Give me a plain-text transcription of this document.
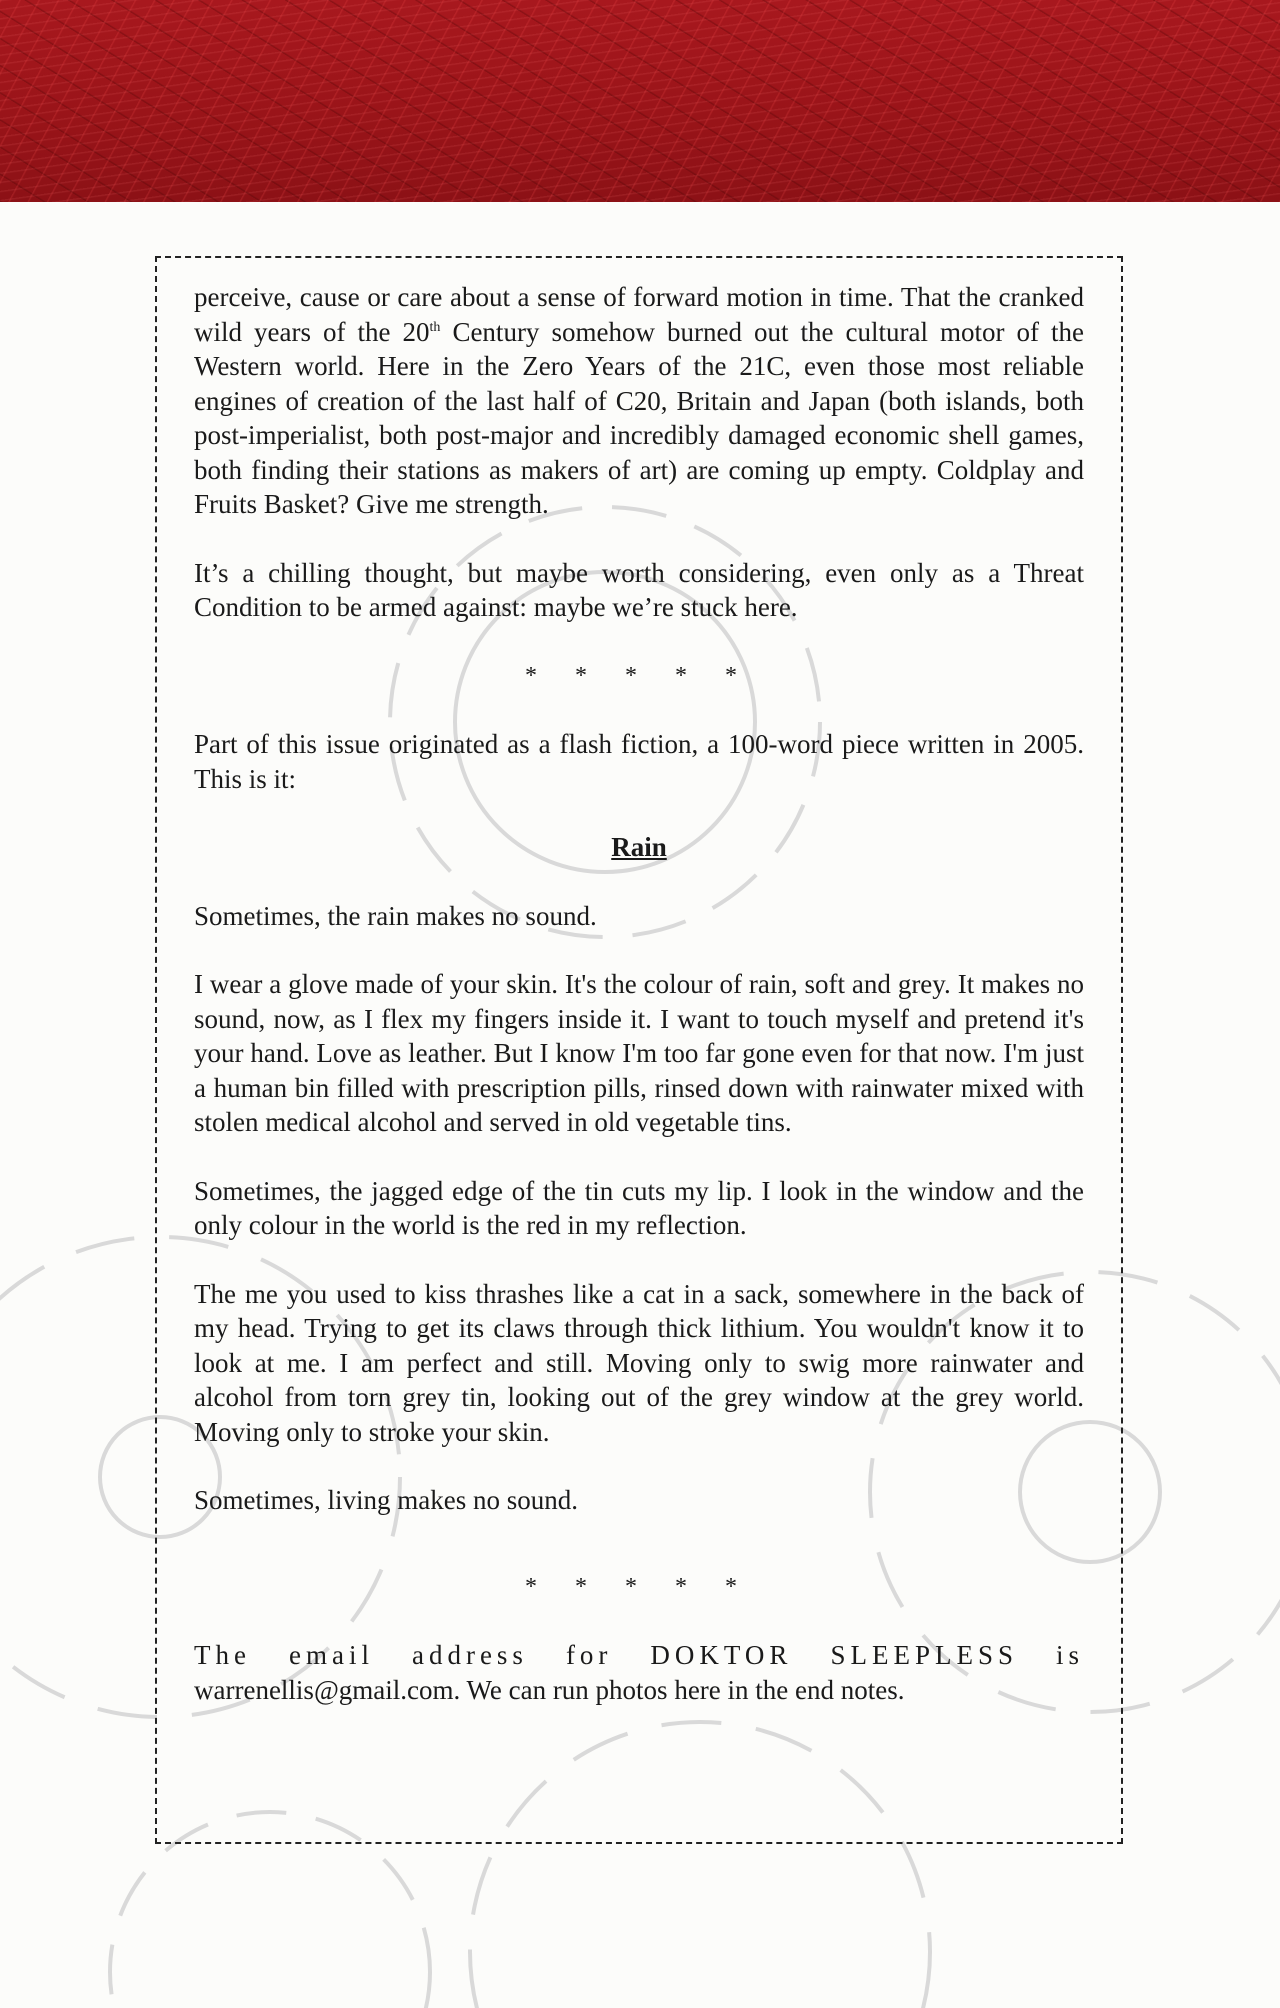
perceive, cause or care about a sense of forward motion in time. That the cranked wild years of the 20th Century somehow burned out the cultural motor of the Western world. Here in the Zero Years of the 21C, even those most reliable engines of creation of the last half of C20, Britain and Japan (both islands, both post-imperialist, both post-major and incredibly damaged economic shell games, both finding their stations as makers of art) are coming up empty. Coldplay and Fruits Basket? Give me strength.

It’s a chilling thought, but maybe worth considering, even only as a Threat Condition to be armed against: maybe we’re stuck here.

* * * * *

Part of this issue originated as a flash fiction, a 100-word piece written in 2005. This is it:

Rain

Sometimes, the rain makes no sound.

I wear a glove made of your skin. It's the colour of rain, soft and grey. It makes no sound, now, as I flex my fingers inside it. I want to touch myself and pretend it's your hand. Love as leather. But I know I'm too far gone even for that now. I'm just a human bin filled with prescription pills, rinsed down with rainwater mixed with stolen medical alcohol and served in old vegetable tins.

Sometimes, the jagged edge of the tin cuts my lip. I look in the window and the only colour in the world is the red in my reflection.

The me you used to kiss thrashes like a cat in a sack, somewhere in the back of my head. Trying to get its claws through thick lithium. You wouldn't know it to look at me. I am perfect and still. Moving only to swig more rainwater and alcohol from torn grey tin, looking out of the grey window at the grey world. Moving only to stroke your skin.

Sometimes, living makes no sound.

* * * * *

The email address for DOKTOR SLEEPLESS is

warrenellis@gmail.com. We can run photos here in the end notes.
